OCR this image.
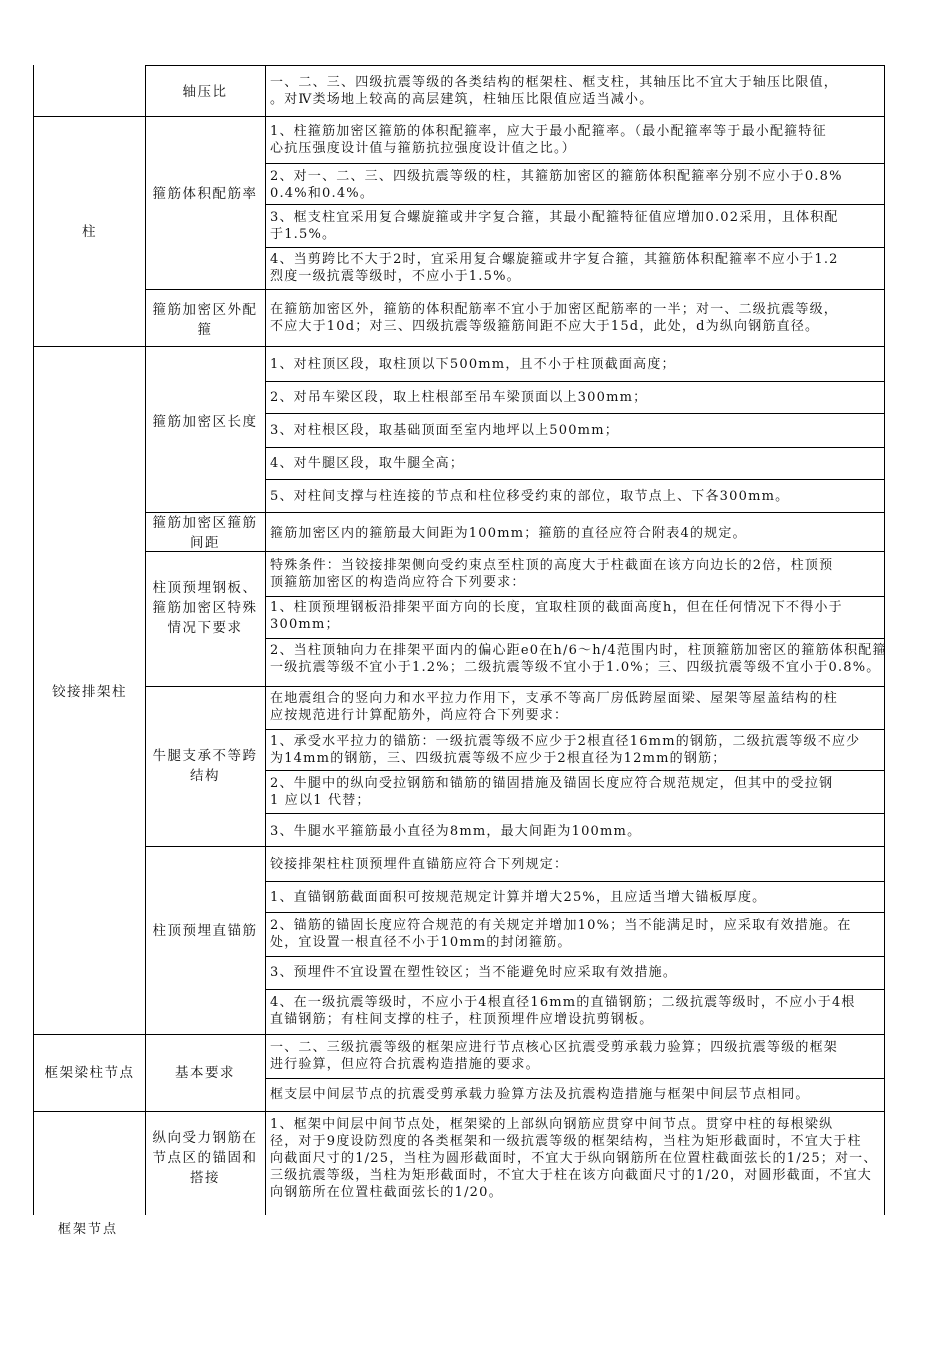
柱
铰接排架柱
框架梁柱节点
轴压比
箍筋体积配筋率
箍筋加密区外配箍
箍筋加密区长度
箍筋加密区箍筋间距
柱顶预埋钢板、箍筋加密区特殊情况下要求
牛腿支承不等跨结构
柱顶预埋直锚筋
基本要求
纵向受力钢筋在节点区的锚固和搭接
一、二、三、四级抗震等级的各类结构的框架柱、框支柱，其轴压比不宜大于轴压比限值，
。对Ⅳ类场地上较高的高层建筑，柱轴压比限值应适当减小。
1、柱箍筋加密区箍筋的体积配箍率，应大于最小配箍率。（最小配箍率等于最小配箍特征
心抗压强度设计值与箍筋抗拉强度设计值之比。）
2、对一、二、三、四级抗震等级的柱，其箍筋加密区的箍筋体积配箍率分别不应小于0.8%
0.4%和0.4%。
3、框支柱宜采用复合螺旋箍或井字复合箍，其最小配箍特征值应增加0.02采用，且体积配
于1.5%。
4、当剪跨比不大于2时，宜采用复合螺旋箍或井字复合箍，其箍筋体积配箍率不应小于1.2
烈度一级抗震等级时，不应小于1.5%。
在箍筋加密区外，箍筋的体积配筋率不宜小于加密区配筋率的一半；对一、二级抗震等级，
不应大于10d；对三、四级抗震等级箍筋间距不应大于15d，此处，d为纵向钢筋直径。
1、对柱顶区段，取柱顶以下500mm，且不小于柱顶截面高度；
2、对吊车梁区段，取上柱根部至吊车梁顶面以上300mm；
3、对柱根区段，取基础顶面至室内地坪以上500mm；
4、对牛腿区段，取牛腿全高；
5、对柱间支撑与柱连接的节点和柱位移受约束的部位，取节点上、下各300mm。
箍筋加密区内的箍筋最大间距为100mm；箍筋的直径应符合附表4的规定。
特殊条件：当铰接排架侧向受约束点至柱顶的高度大于柱截面在该方向边长的2倍，柱顶预
顶箍筋加密区的构造尚应符合下列要求：
1、柱顶预埋钢板沿排架平面方向的长度，宜取柱顶的截面高度h，但在任何情况下不得小于
300mm；
2、当柱顶轴向力在排架平面内的偏心距e0在h/6～h/4范围内时，柱顶箍筋加密区的箍筋体积配箍
一级抗震等级不宜小于1.2%；二级抗震等级不宜小于1.0%；三、四级抗震等级不宜小于0.8%。
在地震组合的竖向力和水平拉力作用下，支承不等高厂房低跨屋面梁、屋架等屋盖结构的柱
应按规范进行计算配筋外，尚应符合下列要求：
1、承受水平拉力的锚筋：一级抗震等级不应少于2根直径16mm的钢筋，二级抗震等级不应少
为14mm的钢筋，三、四级抗震等级不应少于2根直径为12mm的钢筋；
2、牛腿中的纵向受拉钢筋和锚筋的锚固措施及锚固长度应符合规范规定，但其中的受拉钢
1 应以1 代替；
3、牛腿水平箍筋最小直径为8mm，最大间距为100mm。
铰接排架柱柱顶预埋件直锚筋应符合下列规定：
1、直锚钢筋截面面积可按规范规定计算并增大25%，且应适当增大锚板厚度。
2、锚筋的锚固长度应符合规范的有关规定并增加10%；当不能满足时，应采取有效措施。在
处，宜设置一根直径不小于10mm的封闭箍筋。
3、预埋件不宜设置在塑性铰区；当不能避免时应采取有效措施。
4、在一级抗震等级时，不应小于4根直径16mm的直锚钢筋；二级抗震等级时，不应小于4根
直锚钢筋；有柱间支撑的柱子，柱顶预埋件应增设抗剪钢板。
一、二、三级抗震等级的框架应进行节点核心区抗震受剪承载力验算；四级抗震等级的框架
进行验算，但应符合抗震构造措施的要求。
框支层中间层节点的抗震受剪承载力验算方法及抗震构造措施与框架中间层节点相同。
1、框架中间层中间节点处，框架梁的上部纵向钢筋应贯穿中间节点。贯穿中柱的每根梁纵
径，对于9度设防烈度的各类框架和一级抗震等级的框架结构，当柱为矩形截面时，不宜大于柱
向截面尺寸的1/25，当柱为圆形截面时，不宜大于纵向钢筋所在位置柱截面弦长的1/25；对一、
三级抗震等级，当柱为矩形截面时，不宜大于柱在该方向截面尺寸的1/20，对圆形截面，不宜大
向钢筋所在位置柱截面弦长的1/20。
框架节点
